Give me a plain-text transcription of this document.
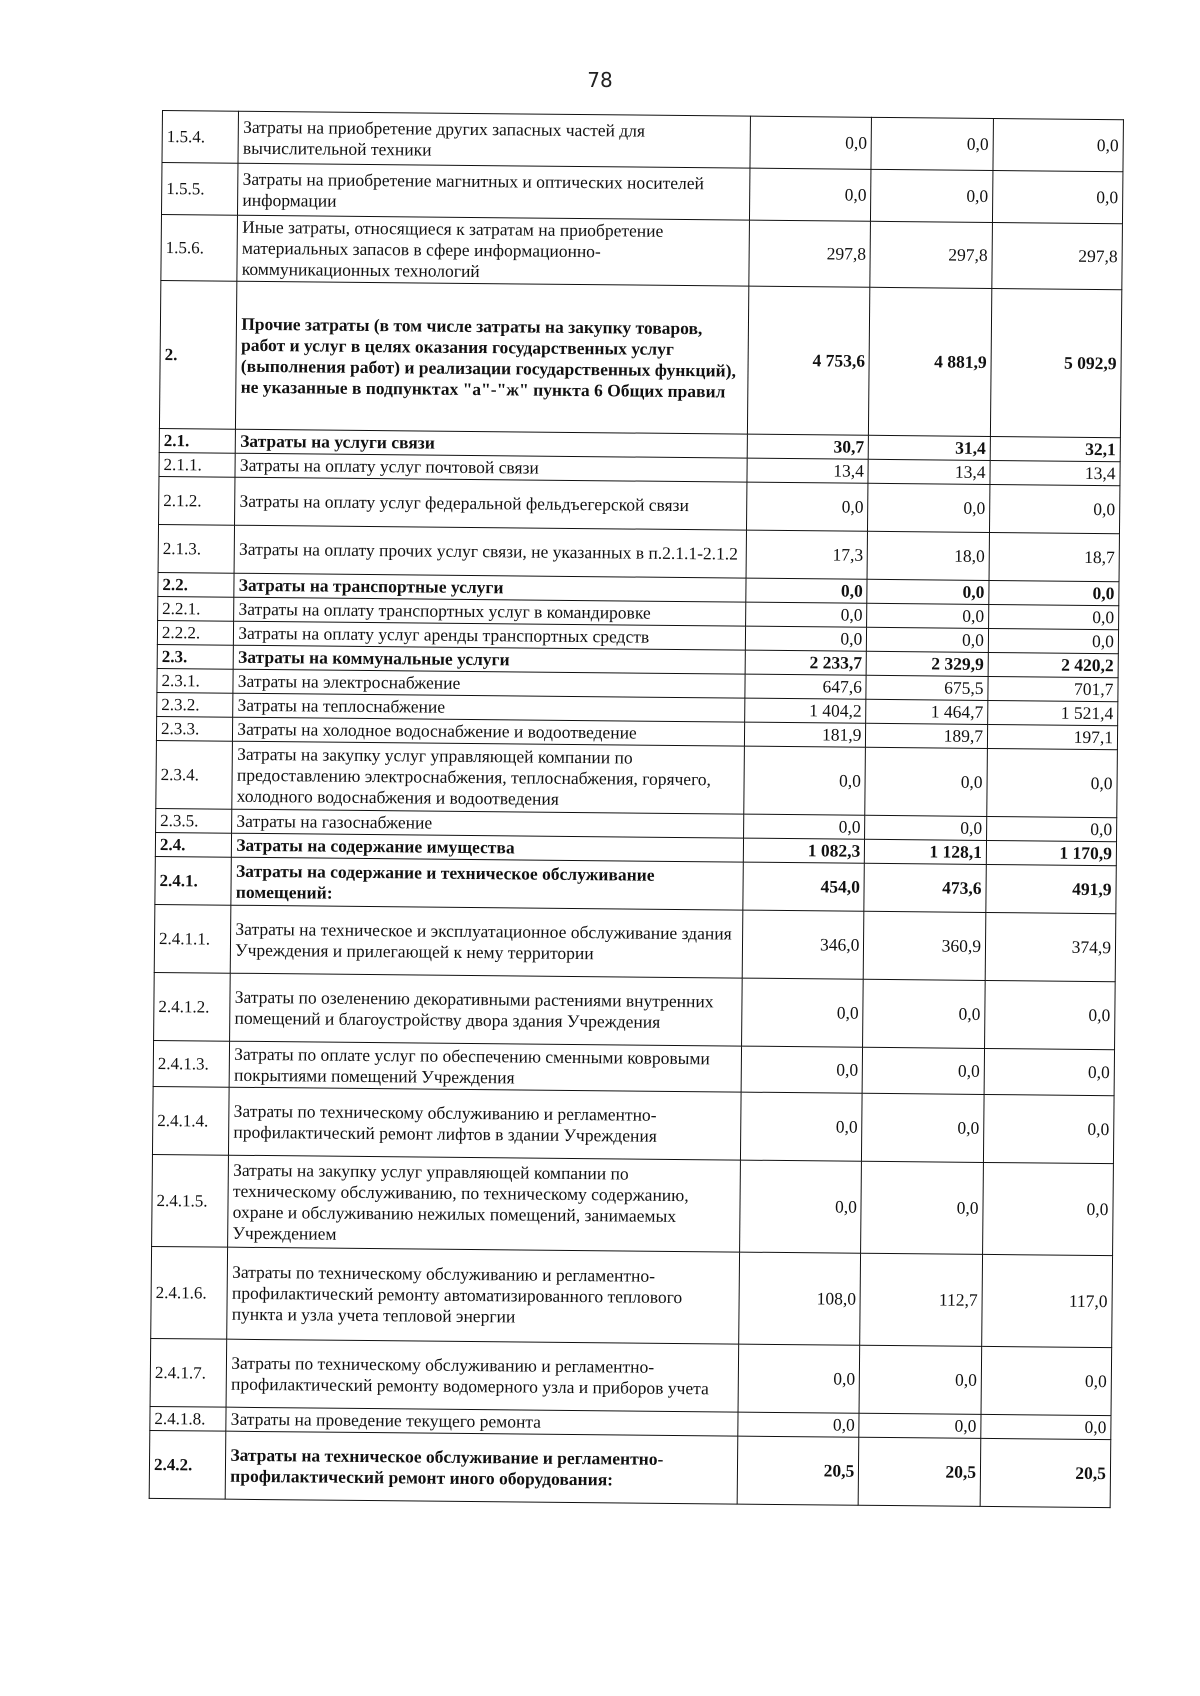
78
1.5.4.	Затраты на приобретение других запасных частей для вычислительной техники	0,0	0,0	0,0
1.5.5.	Затраты на приобретение магнитных и оптических носителей информации	0,0	0,0	0,0
1.5.6.	Иные затраты, относящиеся к затратам на приобретение материальных запасов в сфере информационно-коммуникационных технологий	297,8	297,8	297,8
2.	Прочие затраты (в том числе затраты на закупку товаров, работ и услуг в целях оказания государственных услуг (выполнения работ) и реализации государственных функций), не указанные в подпунктах "а"-"ж" пункта 6 Общих правил	4 753,6	4 881,9	5 092,9
2.1.	Затраты на услуги связи	30,7	31,4	32,1
2.1.1.	Затраты на оплату услуг почтовой связи	13,4	13,4	13,4
2.1.2.	Затраты на оплату услуг федеральной фельдъегерской связи	0,0	0,0	0,0
2.1.3.	Затраты на оплату прочих услуг связи, не указанных в п.2.1.1-2.1.2	17,3	18,0	18,7
2.2.	Затраты на транспортные услуги	0,0	0,0	0,0
2.2.1.	Затраты на оплату транспортных услуг в командировке	0,0	0,0	0,0
2.2.2.	Затраты на оплату услуг аренды транспортных средств	0,0	0,0	0,0
2.3.	Затраты на коммунальные услуги	2 233,7	2 329,9	2 420,2
2.3.1.	Затраты на электроснабжение	647,6	675,5	701,7
2.3.2.	Затраты на теплоснабжение	1 404,2	1 464,7	1 521,4
2.3.3.	Затраты на холодное водоснабжение и водоотведение	181,9	189,7	197,1
2.3.4.	Затраты на закупку услуг управляющей компании по предоставлению электроснабжения, теплоснабжения, горячего, холодного водоснабжения и водоотведения	0,0	0,0	0,0
2.3.5.	Затраты на газоснабжение	0,0	0,0	0,0
2.4.	Затраты на содержание имущества	1 082,3	1 128,1	1 170,9
2.4.1.	Затраты на содержание и техническое обслуживание помещений:	454,0	473,6	491,9
2.4.1.1.	Затраты на техническое и эксплуатационное обслуживание здания Учреждения и прилегающей к нему территории	346,0	360,9	374,9
2.4.1.2.	Затраты по озеленению декоративными растениями внутренних помещений и благоустройству двора здания Учреждения	0,0	0,0	0,0
2.4.1.3.	Затраты по оплате услуг по обеспечению сменными ковровыми покрытиями помещений Учреждения	0,0	0,0	0,0
2.4.1.4.	Затраты по техническому обслуживанию и регламентно-профилактический ремонт лифтов в здании Учреждения	0,0	0,0	0,0
2.4.1.5.	Затраты на закупку услуг управляющей компании по техническому обслуживанию, по техническому содержанию, охране и обслуживанию нежилых помещений, занимаемых Учреждением	0,0	0,0	0,0
2.4.1.6.	Затраты по техническому обслуживанию и регламентно-профилактический ремонту автоматизированного теплового пункта и узла учета тепловой энергии	108,0	112,7	117,0
2.4.1.7.	Затраты по техническому обслуживанию и регламентно-профилактический ремонту водомерного узла и приборов учета	0,0	0,0	0,0
2.4.1.8.	Затраты на проведение текущего ремонта	0,0	0,0	0,0
2.4.2.	Затраты на техническое обслуживание и регламентно-профилактический ремонт иного оборудования:	20,5	20,5	20,5
